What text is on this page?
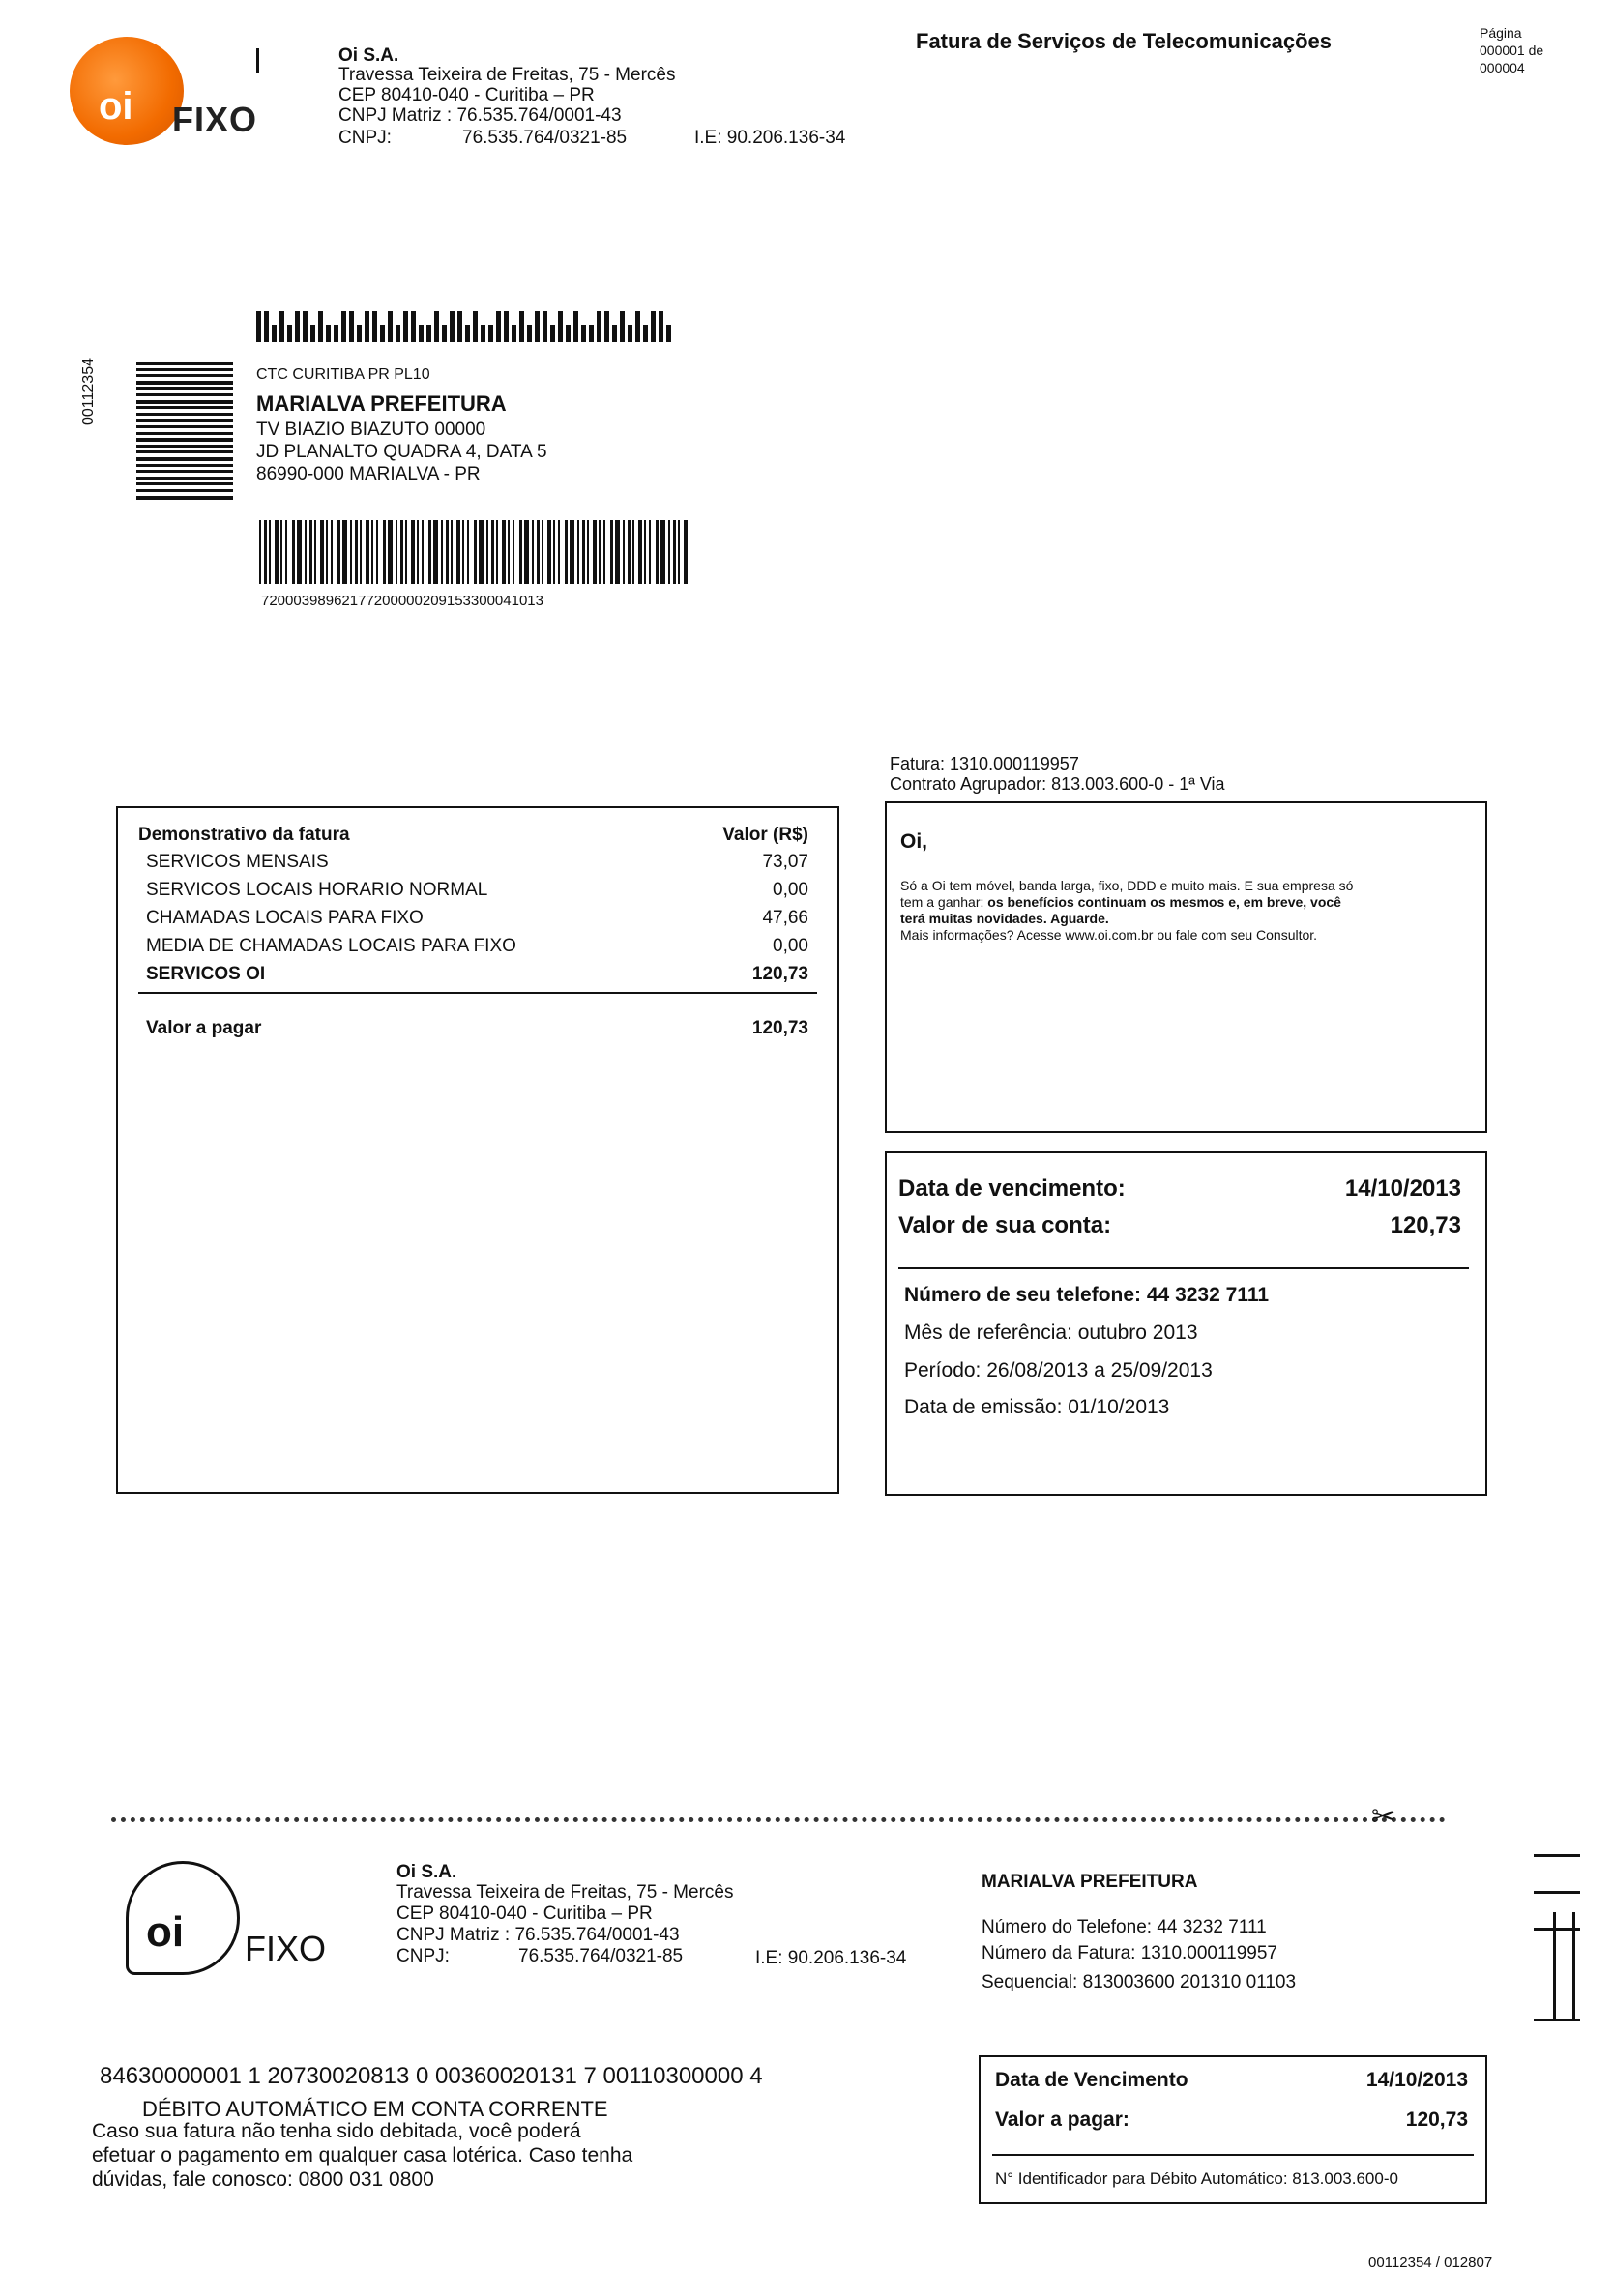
oi FIXO
Oi S.A.
Travessa Teixeira de Freitas, 75 - Mercês
CEP 80410-040 - Curitiba – PR
CNPJ Matriz : 76.535.764/0001-43
CNPJ:	76.535.764/0321-85	I.E: 90.206.136-34
Fatura de Serviços de Telecomunicações	Página
000001 de
000004
00112354	CTC CURITIBA PR PL10
MARIALVA PREFEITURA
TV BIAZIO BIAZUTO 00000
JD PLANALTO QUADRA 4, DATA 5
86990-000 MARIALVA - PR
72000398962177200000209153300041013
Fatura: 1310.000119957
Contrato Agrupador: 813.003.600-0 - 1ª Via
Demonstrativo da fatura	Valor (R$)
SERVICOS MENSAIS	73,07
SERVICOS LOCAIS HORARIO NORMAL	0,00
CHAMADAS LOCAIS PARA FIXO	47,66
MEDIA DE CHAMADAS LOCAIS PARA FIXO	0,00
SERVICOS OI	120,73
Valor a pagar	120,73
Oi,
Só a Oi tem móvel, banda larga, fixo, DDD e muito mais. E sua empresa só
tem a ganhar: os benefícios continuam os mesmos e, em breve, você
terá muitas novidades. Aguarde.
Mais informações? Acesse www.oi.com.br ou fale com seu Consultor.
Data de vencimento:	14/10/2013
Valor de sua conta:	120,73
Número de seu telefone: 44 3232 7111
Mês de referência: outubro 2013
Período: 26/08/2013 a 25/09/2013
Data de emissão: 01/10/2013
✂
oi FIXO
Oi S.A.
Travessa Teixeira de Freitas, 75 - Mercês
CEP 80410-040 - Curitiba – PR
CNPJ Matriz : 76.535.764/0001-43
CNPJ:	76.535.764/0321-85	I.E: 90.206.136-34
MARIALVA PREFEITURA
Número do Telefone: 44 3232 7111
Número da Fatura: 1310.000119957
Sequencial: 813003600 201310 01103
84630000001 1 20730020813 0 00360020131 7 00110300000 4
DÉBITO AUTOMÁTICO EM CONTA CORRENTE
Caso sua fatura não tenha sido debitada, você poderá
efetuar o pagamento em qualquer casa lotérica. Caso tenha
dúvidas, fale conosco: 0800 031 0800
Data de Vencimento	14/10/2013
Valor a pagar:	120,73
N° Identificador para Débito Automático: 813.003.600-0
00112354 / 012807
